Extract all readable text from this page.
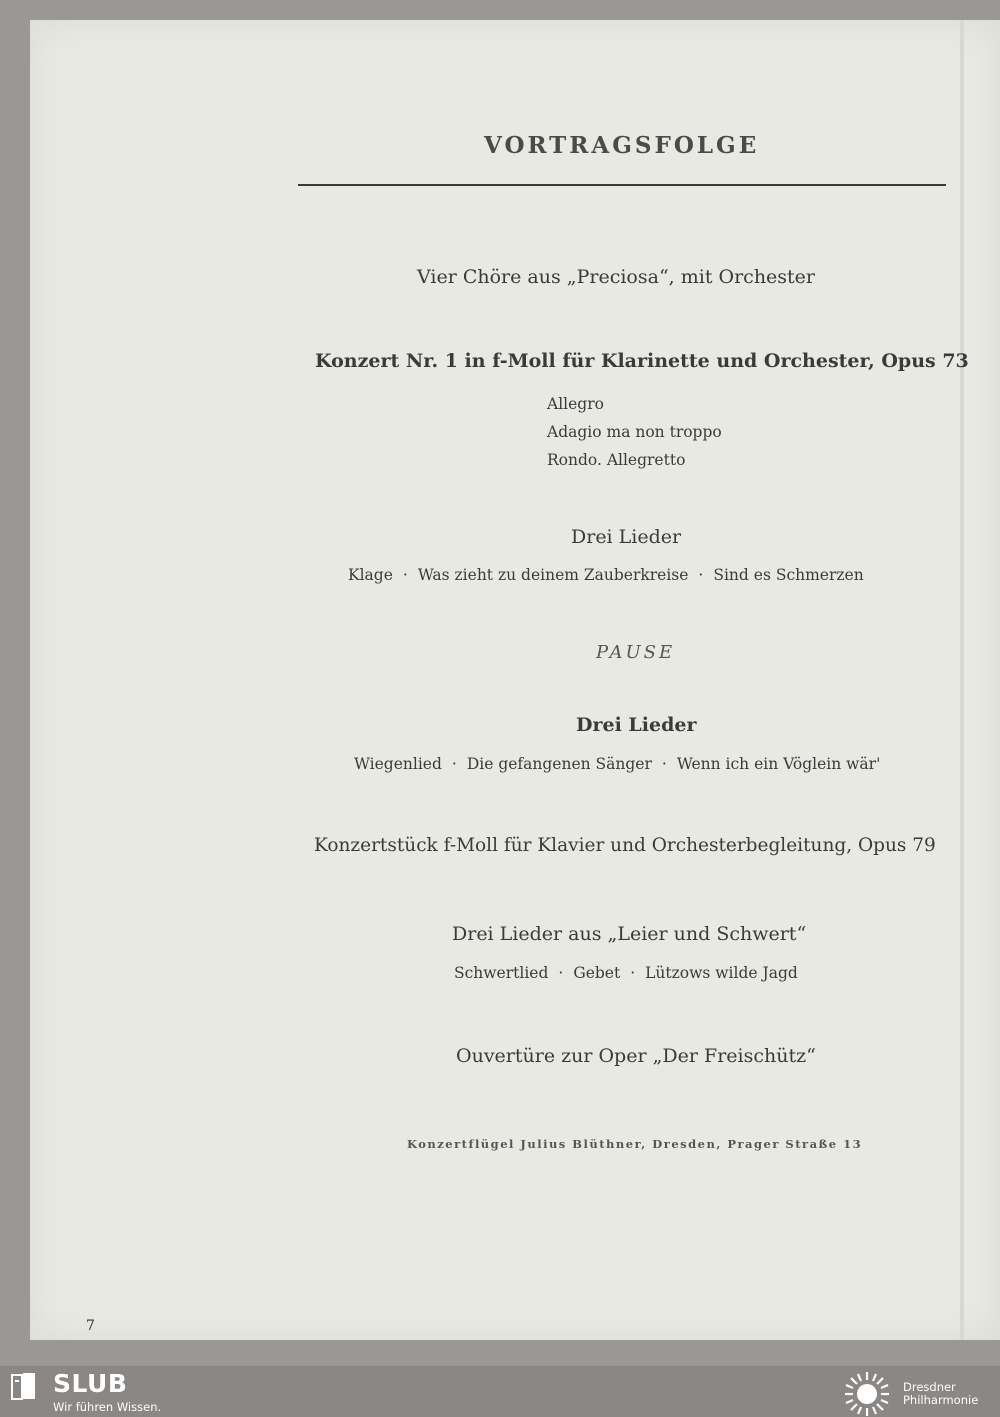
VORTRAGSFOLGE
Vier Chöre aus „Preciosa“, mit Orchester
Konzert Nr. 1 in f-Moll für Klarinette und Orchester, Opus 73
Allegro
Adagio ma non troppo
Rondo. Allegretto
Drei Lieder
Klage · Was zieht zu deinem Zauberkreise · Sind es Schmerzen
PAUSE
Drei Lieder
Wiegenlied · Die gefangenen Sänger · Wenn ich ein Vöglein wär'
Konzertstück f-Moll für Klavier und Orchesterbegleitung, Opus 79
Drei Lieder aus „Leier und Schwert“
Schwertlied · Gebet · Lützows wilde Jagd
Ouvertüre zur Oper „Der Freischütz“
Konzertflügel Julius Blüthner, Dresden, Prager Straße 13
7
SLUB
Wir führen Wissen.
Dresdner
Philharmonie
